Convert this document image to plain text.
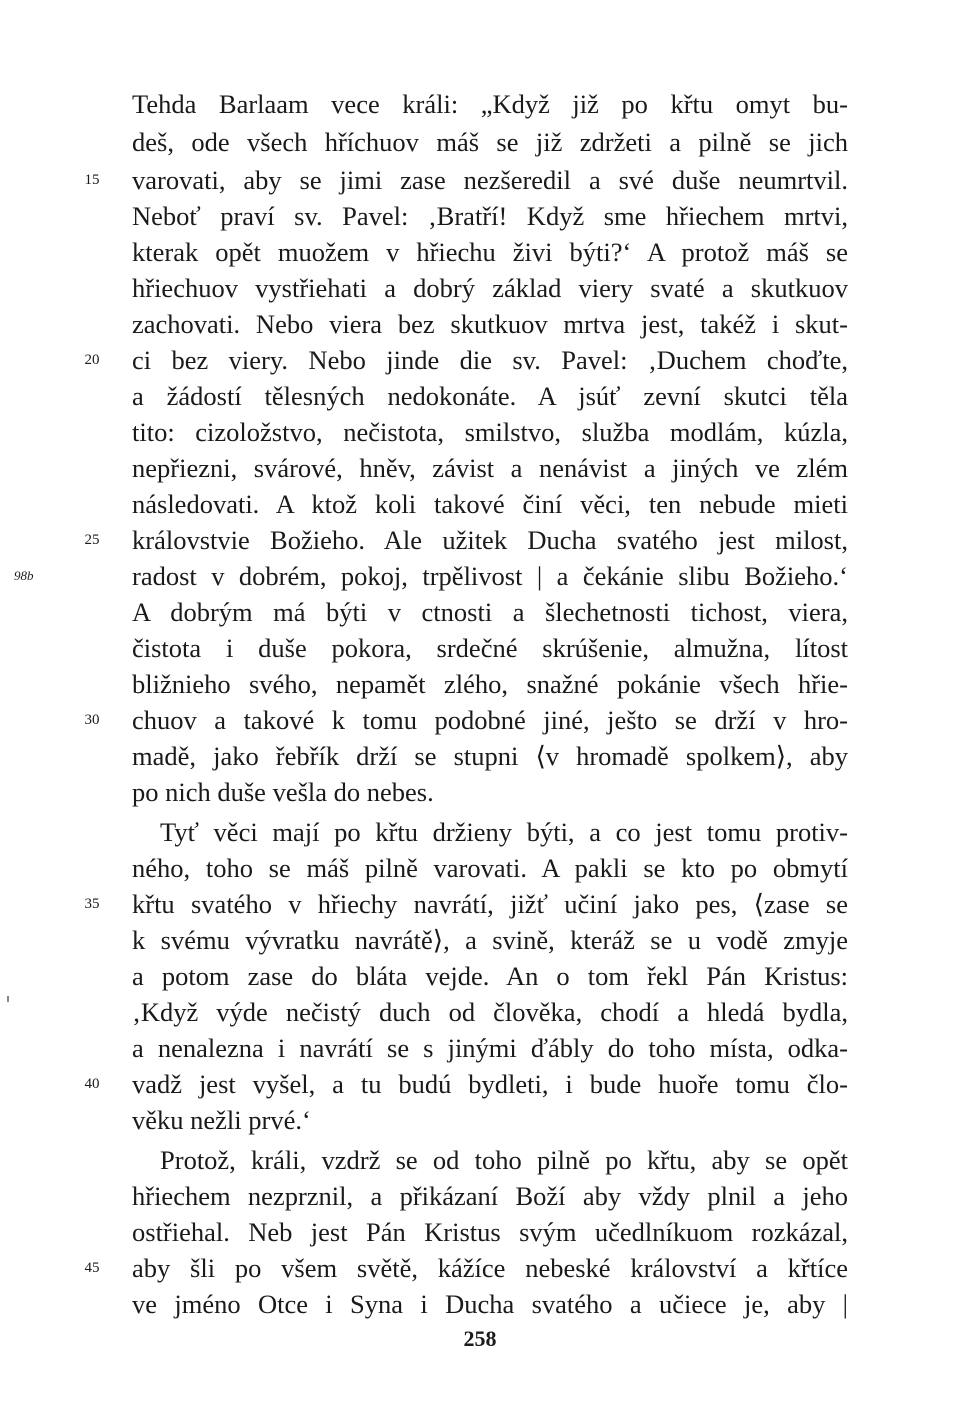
Tehda Barlaam vece králi: „Když již po křtu omyt bu-
deš, ode všech hříchuov máš se již zdržeti a pilně se jich
15	varovati, aby se jimi zase nezšeredil a své duše neumrtvil.
Neboť praví sv. Pavel: ‚Bratří! Když sme hřiechem mrtvi,
kterak opět muožem v hřiechu živi býti?‘ A protož máš se
hřiechuov vystřiehati a dobrý základ viery svaté a skutkuov
zachovati. Nebo viera bez skutkuov mrtva jest, takéž i skut-
20	ci bez viery. Nebo jinde die sv. Pavel: ‚Duchem choďte,
a žádostí tělesných nedokonáte. A jsúť zevní skutci těla
tito: cizoložstvo, nečistota, smilstvo, služba modlám, kúzla,
nepřiezni, svárové, hněv, závist a nenávist a jiných ve zlém
následovati. A ktož koli takové činí věci, ten nebude mieti
25	královstvie Božieho. Ale užitek Ducha svatého jest milost,
98b	radost v dobrém, pokoj, trpělivost | a čekánie slibu Božieho.‘
A dobrým má býti v ctnosti a šlechetnosti tichost, viera,
čistota i duše pokora, srdečné skrúšenie, almužna, lítost
bližnieho svého, nepamět zlého, snažné pokánie všech hřie-
30	chuov a takové k tomu podobné jiné, ješto se drží v hro-
madě, jako řebřík drží se stupni ⟨v hromadě spolkem⟩, aby
po nich duše vešla do nebes.
Tyť věci mají po křtu držieny býti, a co jest tomu protiv-
ného, toho se máš pilně varovati. A pakli se kto po obmytí
35	křtu svatého v hřiechy navrátí, jižť učiní jako pes, ⟨zase se
k svému vývratku navrátě⟩, a svině, kteráž se u vodě zmyje
a potom zase do bláta vejde. An o tom řekl Pán Kristus:
‚Když výde nečistý duch od člověka, chodí a hledá bydla,
a nenalezna i navrátí se s jinými ďábly do toho místa, odka-
40	vadž jest vyšel, a tu budú bydleti, i bude huoře tomu člo-
věku nežli prvé.‘
Protož, králi, vzdrž se od toho pilně po křtu, aby se opět
hřiechem nezprznil, a přikázaní Boží aby vždy plnil a jeho
ostřiehal. Neb jest Pán Kristus svým učedlníkuom rozkázal,
45	aby šli po všem světě, kážíce nebeské království a křtíce
ve jméno Otce i Syna i Ducha svatého a učiece je, aby |
258
